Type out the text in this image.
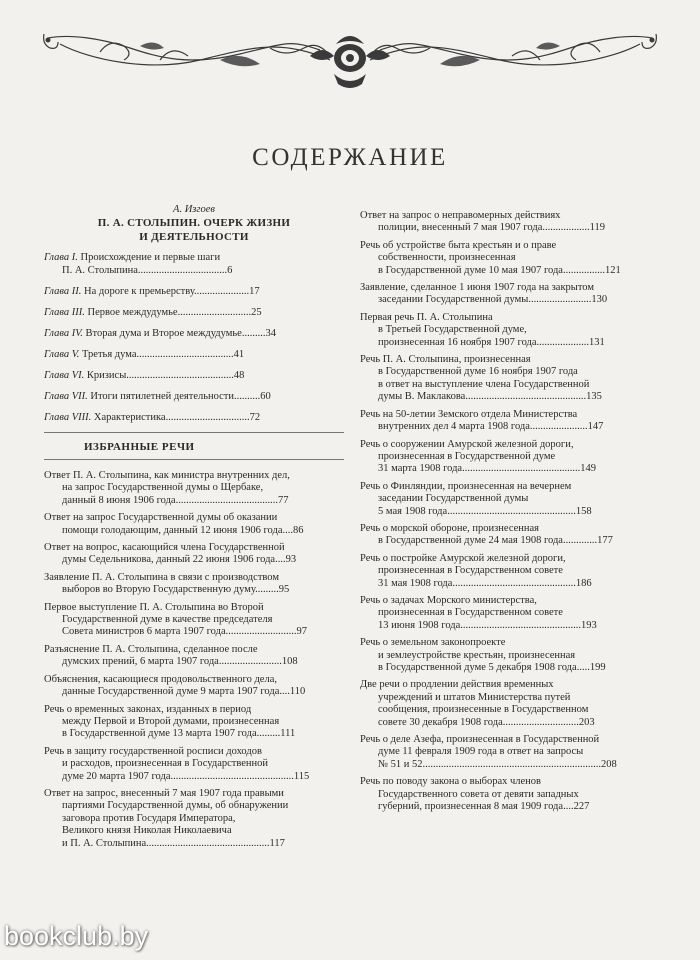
СОДЕРЖАНИЕ

А. Изгоев

П. А. СТОЛЫПИН. ОЧЕРК ЖИЗНИ
И ДЕЯТЕЛЬНОСТИ

Глава I. Происхождение и первые шаги
П. А. Столыпина..................................6

Глава II. На дороге к премьерству.....................17

Глава III. Первое междудумье............................25

Глава IV. Вторая дума и Второе междудумье.........34

Глава V. Третья дума.....................................41

Глава VI. Кризисы.........................................48

Глава VII. Итоги пятилетней деятельности..........60

Глава VIII. Характеристика................................72

ИЗБРАННЫЕ РЕЧИ

Ответ П. А. Столыпина, как министра внутренних дел,
на запрос Государственной думы о Щербаке,
данный 8 июня 1906 года.......................................77

Ответ на запрос Государственной думы об оказании
помощи голодающим, данный 12 июня 1906 года....86

Ответ на вопрос, касающийся члена Государственной
думы Седельникова, данный 22 июня 1906 года....93

Заявление П. А. Столыпина в связи с производством
выборов во Вторую Государственную думу.........95

Первое выступление П. А. Столыпина во Второй
Государственной думе в качестве председателя
Совета министров 6 марта 1907 года...........................97

Разъяснение П. А. Столыпина, сделанное после
думских прений, 6 марта 1907 года........................108

Объяснения, касающиеся продовольственного дела,
данные Государственной думе 9 марта 1907 года....110

Речь о временных законах, изданных в период
между Первой и Второй думами, произнесенная
в Государственной думе 13 марта 1907 года.........111

Речь в защиту государственной росписи доходов
и расходов, произнесенная в Государственной
думе 20 марта 1907 года...............................................115

Ответ на запрос, внесенный 7 мая 1907 года правыми
партиями Государственной думы, об обнаружении
заговора против Государя Императора,
Великого князя Николая Николаевича
и П. А. Столыпина...............................................117

Ответ на запрос о неправомерных действиях
полиции, внесенный 7 мая 1907 года..................119

Речь об устройстве быта крестьян и о праве
собственности, произнесенная
в Государственной думе 10 мая 1907 года................121

Заявление, сделанное 1 июня 1907 года на закрытом
заседании Государственной думы........................130

Первая речь П. А. Столыпина
в Третьей Государственной думе,
произнесенная 16 ноября 1907 года....................131

Речь П. А. Столыпина, произнесенная
в Государственной думе 16 ноября 1907 года
в ответ на выступление члена Государственной
думы В. Маклакова..............................................135

Речь на 50-летии Земского отдела Министерства
внутренних дел 4 марта 1908 года......................147

Речь о сооружении Амурской железной дороги,
произнесенная в Государственной думе
31 марта 1908 года.............................................149

Речь о Финляндии, произнесенная на вечернем
заседании Государственной думы
5 мая 1908 года.................................................158

Речь о морской обороне, произнесенная
в Государственной думе 24 мая 1908 года.............177

Речь о постройке Амурской железной дороги,
произнесенная в Государственном совете
31 мая 1908 года...............................................186

Речь о задачах Морского министерства,
произнесенная в Государственном совете
13 июня 1908 года..............................................193

Речь о земельном законопроекте
и землеустройстве крестьян, произнесенная
в Государственной думе 5 декабря 1908 года.....199

Две речи о продлении действия временных
учреждений и штатов Министерства путей
сообщения, произнесенные в Государственном
совете 30 декабря 1908 года.............................203

Речь о деле Азефа, произнесенная в Государственной
думе 11 февраля 1909 года в ответ на запросы
№ 51 и 52....................................................................208

Речь по поводу закона о выборах членов
Государственного совета от девяти западных
губерний, произнесенная 8 мая 1909 года....227

bookclub.by
